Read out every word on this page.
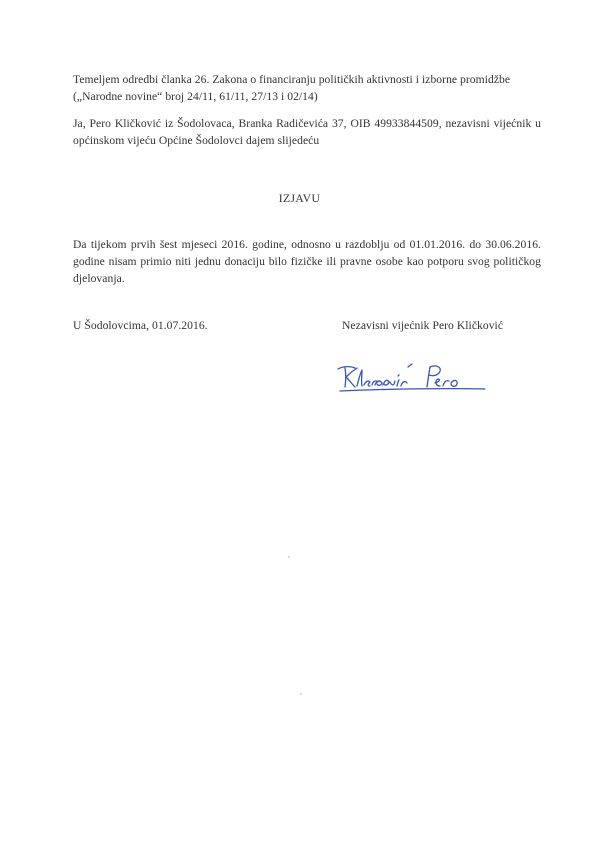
Temeljem odredbi članka 26. Zakona o financiranju političkih aktivnosti i izborne promidžbe („Narodne novine“ broj 24/11, 61/11, 27/13 i 02/14)
Ja, Pero Kličković iz Šodolovaca, Branka Radičevića 37, OIB 49933844509, nezavisni vijećnik u općinskom vijeću Općine Šodolovci dajem slijedeću
IZJAVU
Da tijekom prvih šest mjeseci 2016. godine, odnosno u razdoblju od 01.01.2016. do 30.06.2016. godine nisam primio niti jednu donaciju bilo fizičke ili pravne osobe kao potporu svog političkog djelovanja.
U Šodolovcima, 01.07.2016.	Nezavisni vijećnik Pero Kličković
